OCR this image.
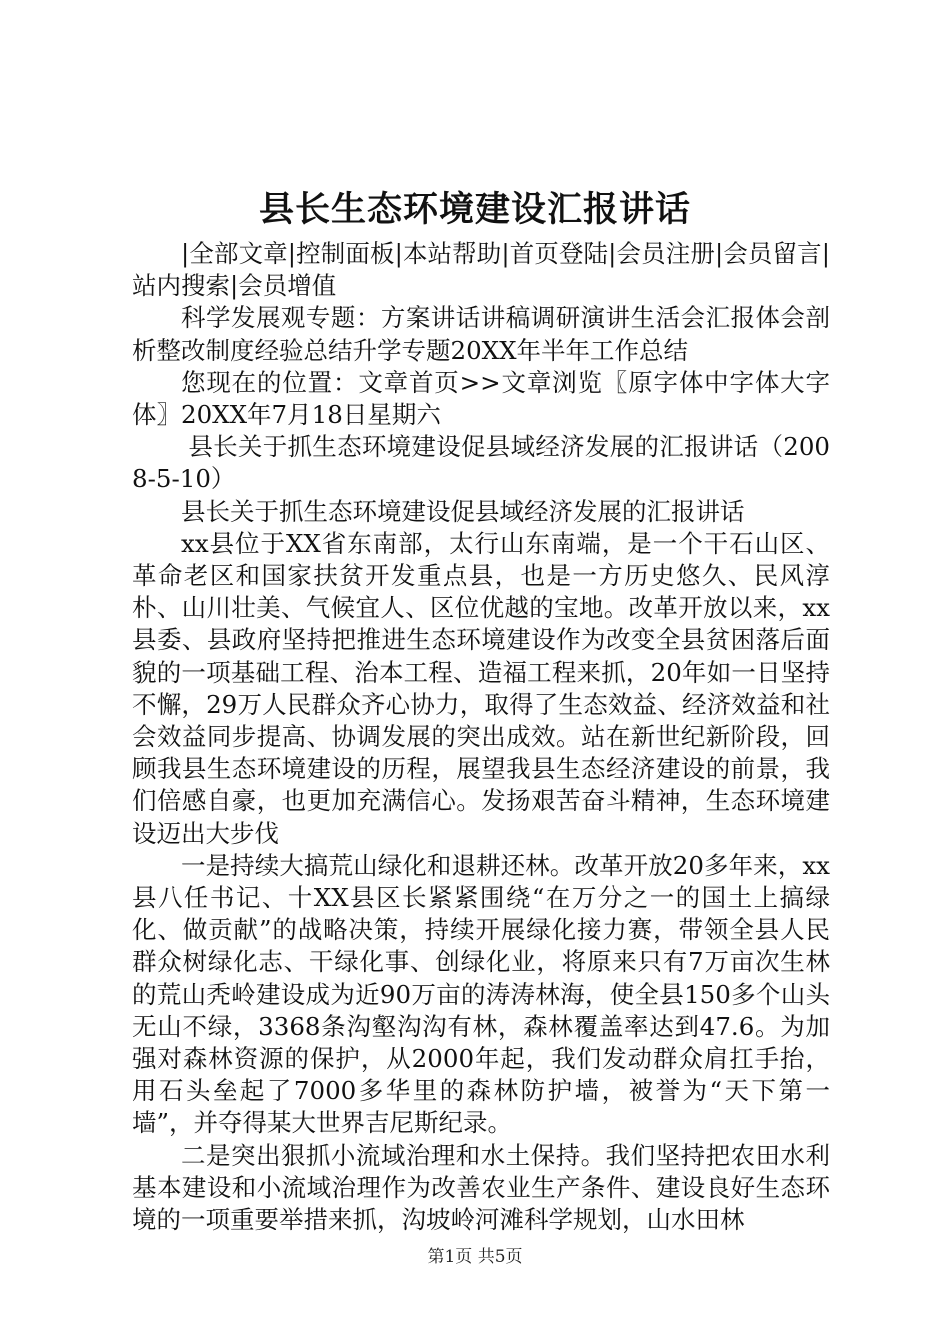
县长生态环境建设汇报讲话

|全部文章|控制面板|本站帮助|首页登陆|会员注册|会员留言|站内搜索|会员增值

科学发展观专题：方案讲话讲稿调研演讲生活会汇报体会剖析整改制度经验总结升学专题20XX年半年工作总结

您现在的位置：文章首页>>文章浏览〖原字体中字体大字体〗20XX年7月18日星期六

县长关于抓生态环境建设促县域经济发展的汇报讲话（2008-5-10）

县长关于抓生态环境建设促县域经济发展的汇报讲话

xx县位于XX省东南部，太行山东南端，是一个干石山区、革命老区和国家扶贫开发重点县，也是一方历史悠久、民风淳朴、山川壮美、气候宜人、区位优越的宝地。改革开放以来，xx县委、县政府坚持把推进生态环境建设作为改变全县贫困落后面貌的一项基础工程、治本工程、造福工程来抓，20年如一日坚持不懈，29万人民群众齐心协力，取得了生态效益、经济效益和社会效益同步提高、协调发展的突出成效。站在新世纪新阶段，回顾我县生态环境建设的历程，展望我县生态经济建设的前景，我们倍感自豪，也更加充满信心。发扬艰苦奋斗精神，生态环境建设迈出大步伐

一是持续大搞荒山绿化和退耕还林。改革开放20多年来，xx县八任书记、十XX县区长紧紧围绕“在万分之一的国土上搞绿化、做贡献”的战略决策，持续开展绿化接力赛，带领全县人民群众树绿化志、干绿化事、创绿化业，将原来只有7万亩次生林的荒山秃岭建设成为近90万亩的涛涛林海，使全县150多个山头无山不绿，3368条沟壑沟沟有林，森林覆盖率达到47.6。为加强对森林资源的保护，从2000年起，我们发动群众肩扛手抬，用石头垒起了7000多华里的森林防护墙，被誉为“天下第一墙”，并夺得某大世界吉尼斯纪录。

二是突出狠抓小流域治理和水土保持。我们坚持把农田水利基本建设和小流域治理作为改善农业生产条件、建设良好生态环境的一项重要举措来抓，沟坡岭河滩科学规划，山水田林

第1页 共5页
